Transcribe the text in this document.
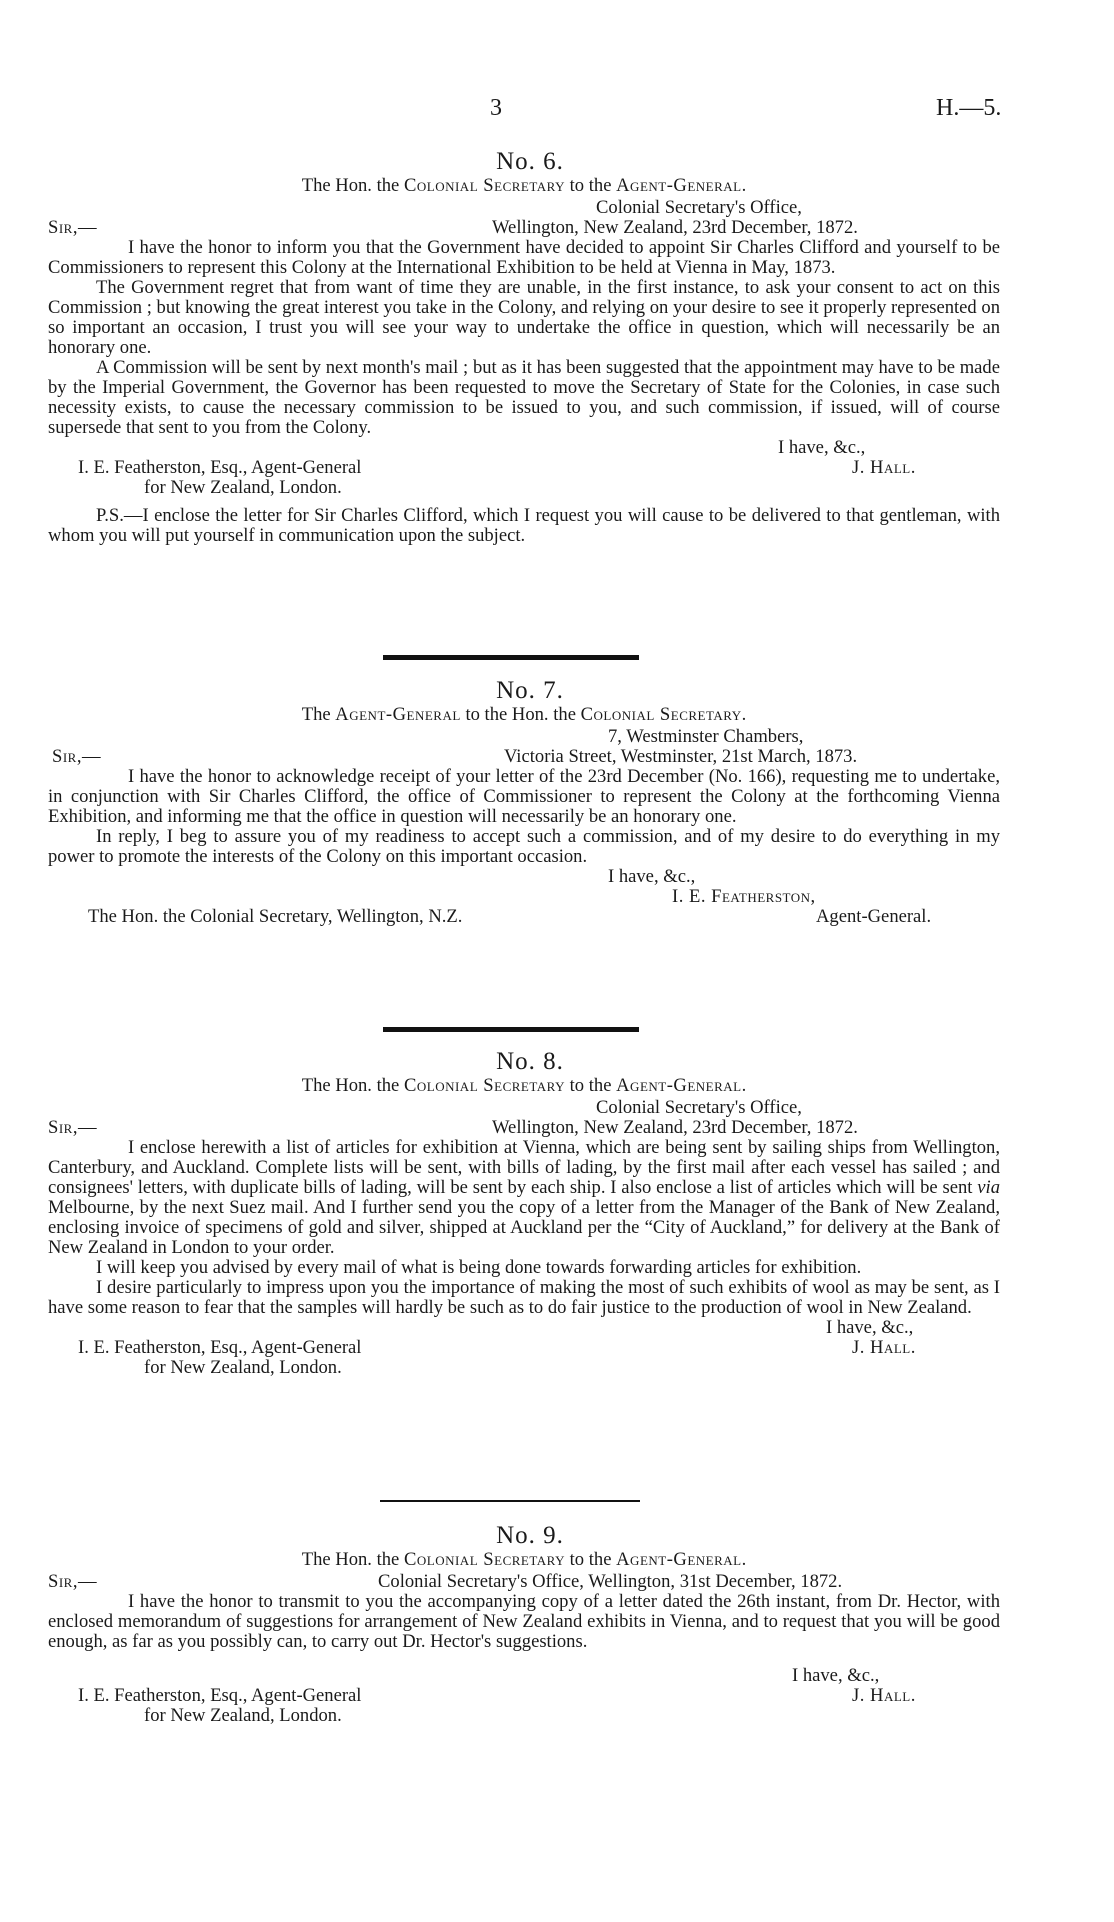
3	H.—5.
No. 6.
The Hon. the Colonial Secretary to the Agent-General.
Colonial Secretary's Office,
Sir,—	Wellington, New Zealand, 23rd December, 1872.

I have the honor to inform you that the Government have decided to appoint Sir Charles Clifford and yourself to be Commissioners to represent this Colony at the International Exhibition to be held at Vienna in May, 1873.

The Government regret that from want of time they are unable, in the first instance, to ask your consent to act on this Commission ; but knowing the great interest you take in the Colony, and relying on your desire to see it properly represented on so important an occasion, I trust you will see your way to undertake the office in question, which will necessarily be an honorary one.

A Commission will be sent by next month's mail ; but as it has been suggested that the appointment may have to be made by the Imperial Government, the Governor has been requested to move the Secretary of State for the Colonies, in case such necessity exists, to cause the necessary commission to be issued to you, and such commission, if issued, will of course supersede that sent to you from the Colony.

I have, &c.,
I. E. Featherston, Esq., Agent-General	J. Hall.
for New Zealand, London.

P.S.—I enclose the letter for Sir Charles Clifford, which I request you will cause to be delivered to that gentleman, with whom you will put yourself in communication upon the subject.

No. 7.
The Agent-General to the Hon. the Colonial Secretary.
7, Westminster Chambers,
Sir,—	Victoria Street, Westminster, 21st March, 1873.

I have the honor to acknowledge receipt of your letter of the 23rd December (No. 166), requesting me to undertake, in conjunction with Sir Charles Clifford, the office of Commissioner to represent the Colony at the forthcoming Vienna Exhibition, and informing me that the office in question will necessarily be an honorary one.

In reply, I beg to assure you of my readiness to accept such a commission, and of my desire to do everything in my power to promote the interests of the Colony on this important occasion.

I have, &c.,
I. E. Featherston,
The Hon. the Colonial Secretary, Wellington, N.Z.	Agent-General.
No. 8.
The Hon. the Colonial Secretary to the Agent-General.
Colonial Secretary's Office,
Sir,—	Wellington, New Zealand, 23rd December, 1872.

I enclose herewith a list of articles for exhibition at Vienna, which are being sent by sailing ships from Wellington, Canterbury, and Auckland. Complete lists will be sent, with bills of lading, by the first mail after each vessel has sailed ; and consignees' letters, with duplicate bills of lading, will be sent by each ship. I also enclose a list of articles which will be sent via Melbourne, by the next Suez mail. And I further send you the copy of a letter from the Manager of the Bank of New Zealand, enclosing invoice of specimens of gold and silver, shipped at Auckland per the “City of Auckland,” for delivery at the Bank of New Zealand in London to your order.

I will keep you advised by every mail of what is being done towards forwarding articles for exhibition.

I desire particularly to impress upon you the importance of making the most of such exhibits of wool as may be sent, as I have some reason to fear that the samples will hardly be such as to do fair justice to the production of wool in New Zealand.

I have, &c.,
I. E. Featherston, Esq., Agent-General	J. Hall.
for New Zealand, London.
No. 9.
The Hon. the Colonial Secretary to the Agent-General.
Sir,—	Colonial Secretary's Office, Wellington, 31st December, 1872.

I have the honor to transmit to you the accompanying copy of a letter dated the 26th instant, from Dr. Hector, with enclosed memorandum of suggestions for arrangement of New Zealand exhibits in Vienna, and to request that you will be good enough, as far as you possibly can, to carry out Dr. Hector's suggestions.

I have, &c.,
I. E. Featherston, Esq., Agent-General	J. Hall.
for New Zealand, London.
